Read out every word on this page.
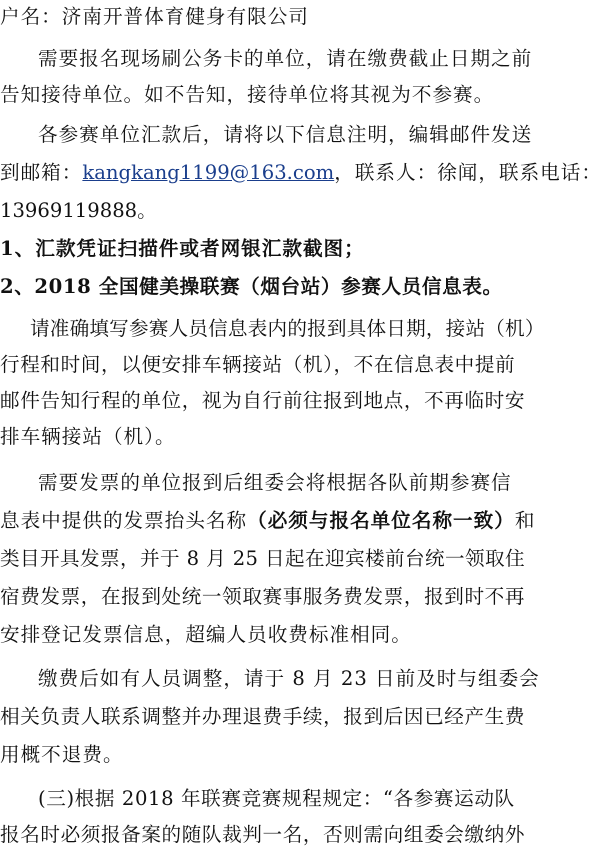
户名：济南开普体育健身有限公司
需要报名现场刷公务卡的单位，请在缴费截止日期之前
告知接待单位。如不告知，接待单位将其视为不参赛。
各参赛单位汇款后，请将以下信息注明，编辑邮件发送
到邮箱：kangkang1199@163.com，联系人：徐闻，联系电话：
13969119888。
1、汇款凭证扫描件或者网银汇款截图；
2、2018 全国健美操联赛（烟台站）参赛人员信息表。
请准确填写参赛人员信息表内的报到具体日期，接站（机）
行程和时间，以便安排车辆接站（机），不在信息表中提前
邮件告知行程的单位，视为自行前往报到地点，不再临时安
排车辆接站（机）。
需要发票的单位报到后组委会将根据各队前期参赛信
息表中提供的发票抬头名称（必须与报名单位名称一致）和
类目开具发票，并于 8 月 25 日起在迎宾楼前台统一领取住
宿费发票，在报到处统一领取赛事服务费发票，报到时不再
安排登记发票信息，超编人员收费标准相同。
缴费后如有人员调整，请于 8 月 23 日前及时与组委会
相关负责人联系调整并办理退费手续，报到后因已经产生费
用概不退费。
(三)根据 2018 年联赛竞赛规程规定：“各参赛运动队
报名时必须报备案的随队裁判一名，否则需向组委会缴纳外
